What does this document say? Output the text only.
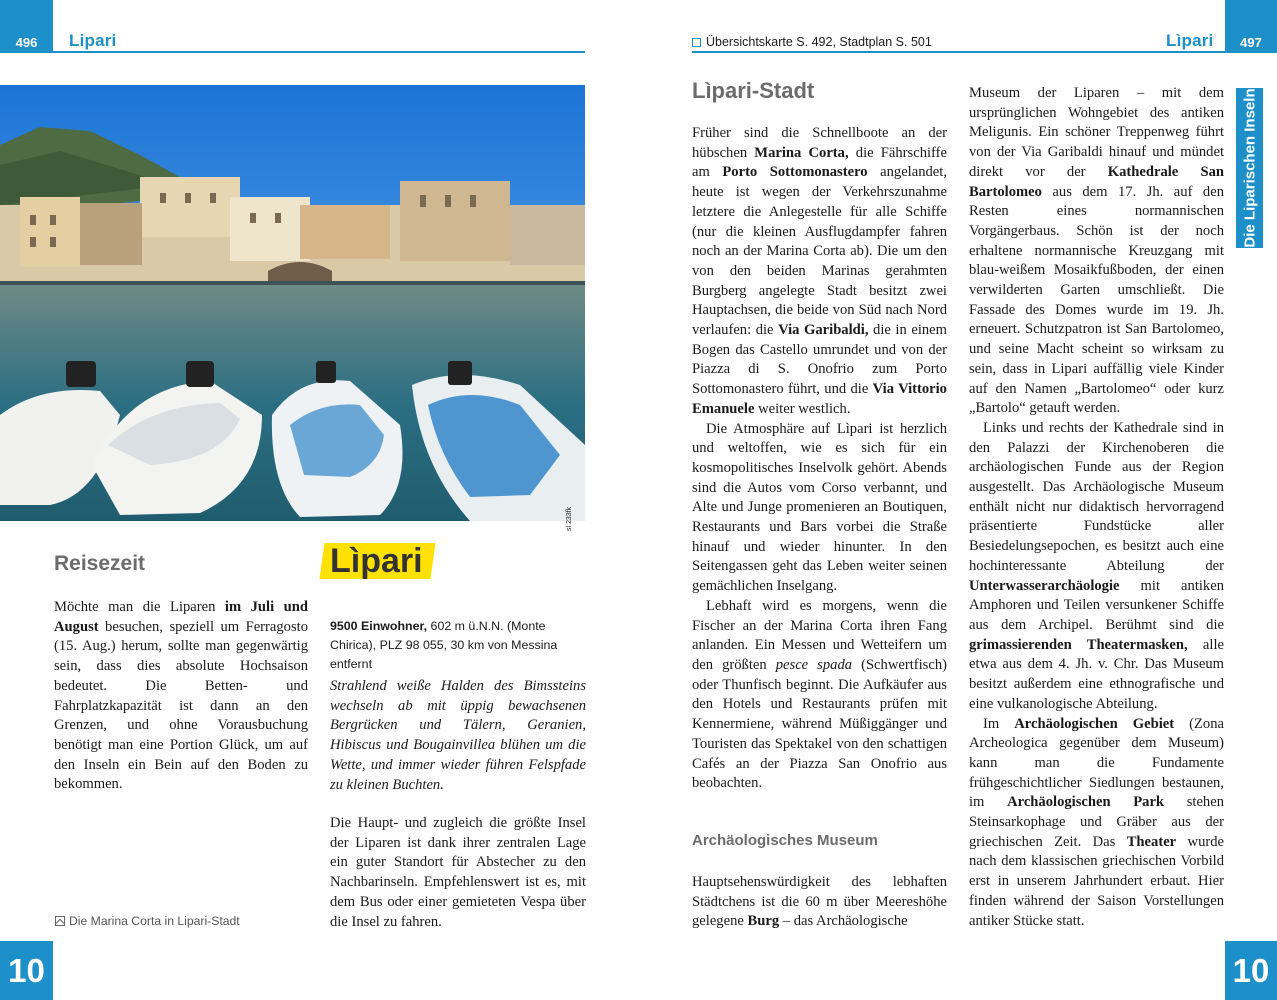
496 Lipari
sl 233fk
Reisezeit

Möchte man die Liparen im Juli und August besuchen, speziell um Ferragosto (15. Aug.) herum, sollte man gegenwärtig sein, dass dies absolute Hochsaison bedeutet. Die Betten- und Fahrplatzkapazität ist dann an den Grenzen, und ohne Vorausbuchung benötigt man eine Portion Glück, um auf den Inseln ein Bein auf den Boden zu bekommen.

Lìpari
9500 Einwohner, 602 m ü.N.N. (Monte Chirica), PLZ 98 055, 30 km von Messina entfernt

Strahlend weiße Halden des Bimssteins wechseln ab mit üppig bewachsenen Bergrücken und Tälern, Geranien, Hibiscus und Bougainvillea blühen um die Wette, und immer wieder führen Felspfade zu kleinen Buchten.

Die Haupt- und zugleich die größte Insel der Liparen ist dank ihrer zentralen Lage ein guter Standort für Abstecher zu den Nachbarinseln. Empfehlenswert ist es, mit dem Bus oder einer gemieteten Vespa über die Insel zu fahren.

Die Marina Corta in Lipari-Stadt
10
Übersichtskarte S. 492, Stadtplan S. 501	Lìpari 497
Die Liparischen Inseln
Lìpari-Stadt

Früher sind die Schnellboote an der hübschen Marina Corta, die Fährschiffe am Porto Sottomonastero angelandet, heute ist wegen der Verkehrszunahme letztere die Anlegestelle für alle Schiffe (nur die kleinen Ausflugdampfer fahren noch an der Marina Corta ab). Die um den von den beiden Marinas gerahmten Burgberg angelegte Stadt besitzt zwei Hauptachsen, die beide von Süd nach Nord verlaufen: die Via Garibaldi, die in einem Bogen das Castello umrundet und von der Piazza di S. Onofrio zum Porto Sottomonastero führt, und die Via Vittorio Emanuele weiter westlich.

Die Atmosphäre auf Lìpari ist herzlich und weltoffen, wie es sich für ein kosmopolitisches Inselvolk gehört. Abends sind die Autos vom Corso verbannt, und Alte und Junge promenieren an Boutiquen, Restaurants und Bars vorbei die Straße hinauf und wieder hinunter. In den Seitengassen geht das Leben weiter seinen gemächlichen Inselgang.

Lebhaft wird es morgens, wenn die Fischer an der Marina Corta ihren Fang anlanden. Ein Messen und Wetteifern um den größten pesce spada (Schwertfisch) oder Thunfisch beginnt. Die Aufkäufer aus den Hotels und Restaurants prüfen mit Kennermiene, während Müßiggänger und Touristen das Spektakel von den schattigen Cafés an der Piazza San Onofrio aus beobachten.

Archäologisches Museum

Hauptsehenswürdigkeit des lebhaften Städtchens ist die 60 m über Meereshöhe gelegene Burg – das Archäologische

Museum der Liparen – mit dem ursprünglichen Wohngebiet des antiken Meligunis. Ein schöner Treppenweg führt von der Via Garibaldi hinauf und mündet direkt vor der Kathedrale San Bartolomeo aus dem 17. Jh. auf den Resten eines normannischen Vorgängerbaus. Schön ist der noch erhaltene normannische Kreuzgang mit blau-weißem Mosaikfußboden, der einen verwilderten Garten umschließt. Die Fassade des Domes wurde im 19. Jh. erneuert. Schutzpatron ist San Bartolomeo, und seine Macht scheint so wirksam zu sein, dass in Lipari auffällig viele Kinder auf den Namen „Bartolomeo“ oder kurz „Bartolo“ getauft werden.

Links und rechts der Kathedrale sind in den Palazzi der Kirchenoberen die archäologischen Funde aus der Region ausgestellt. Das Archäologische Museum enthält nicht nur didaktisch hervorragend präsentierte Fundstücke aller Besiedelungsepochen, es besitzt auch eine hochinteressante Abteilung der Unterwasserarchäologie mit antiken Amphoren und Teilen versunkener Schiffe aus dem Archipel. Berühmt sind die grimassierenden Theatermasken, alle etwa aus dem 4. Jh. v. Chr. Das Museum besitzt außerdem eine ethnografische und eine vulkanologische Abteilung.

Im Archäologischen Gebiet (Zona Archeologica gegenüber dem Museum) kann man die Fundamente frühgeschichtlicher Siedlungen bestaunen, im Archäologischen Park stehen Steinsarkophage und Gräber aus der griechischen Zeit. Das Theater wurde nach dem klassischen griechischen Vorbild erst in unserem Jahrhundert erbaut. Hier finden während der Saison Vorstellungen antiker Stücke statt.

10
